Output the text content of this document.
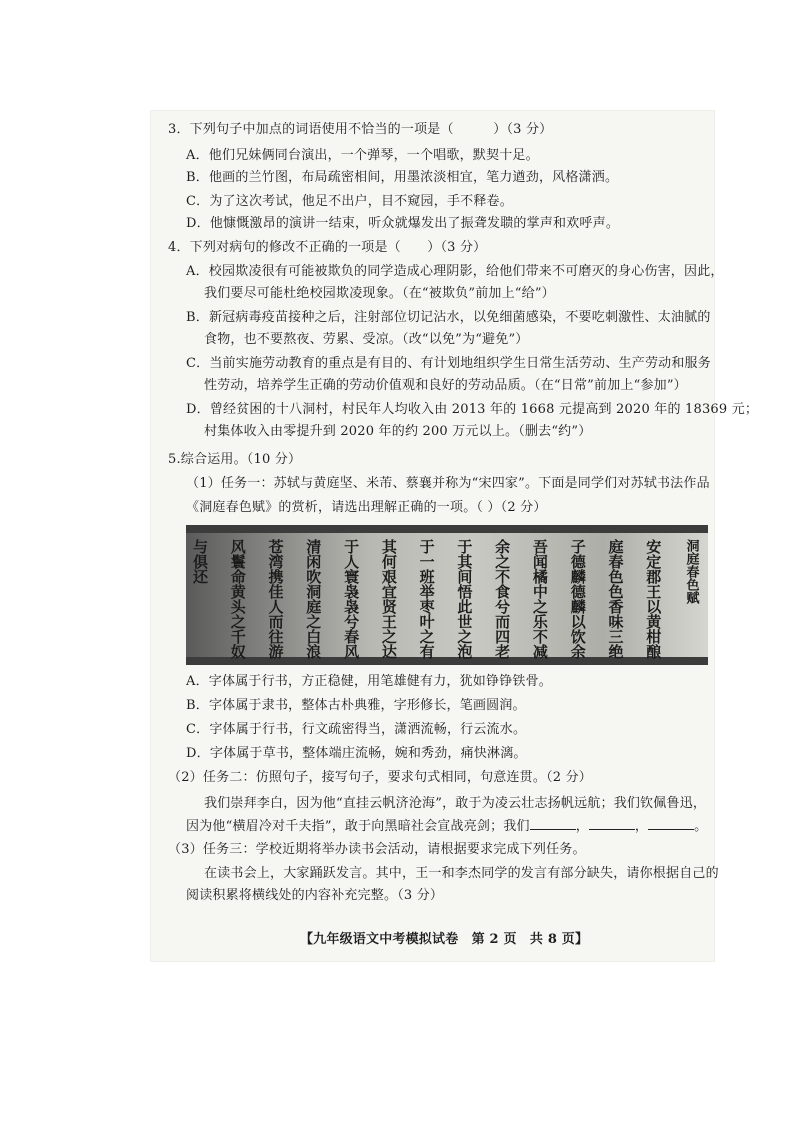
3．下列句子中加点的词语使用不恰当的一项是（　　　）（3 分）
A．他们兄妹俩同台演出，一个弹琴，一个唱歌，默契十足。
B．他画的兰竹图，布局疏密相间，用墨浓淡相宜，笔力遒劲，风格潇洒。
C．为了这次考试，他足不出户，目不窥园，手不释卷。
D．他慷慨激昂的演讲一结束，听众就爆发出了振聋发聩的掌声和欢呼声。
4．下列对病句的修改不正确的一项是（　　）（3 分）
A．校园欺凌很有可能被欺负的同学造成心理阴影，给他们带来不可磨灭的身心伤害，因此，
我们要尽可能杜绝校园欺凌现象。（在“被欺负”前加上“给”）
B．新冠病毒疫苗接种之后，注射部位切记沾水，以免细菌感染，不要吃刺激性、太油腻的
食物，也不要熬夜、劳累、受凉。（改“以免”为“避免”）
C．当前实施劳动教育的重点是有目的、有计划地组织学生日常生活劳动、生产劳动和服务
性劳动，培养学生正确的劳动价值观和良好的劳动品质。（在“日常”前加上“参加”）
D．曾经贫困的十八洞村，村民年人均收入由 2013 年的 1668 元提高到 2020 年的 18369 元；
村集体收入由零提升到 2020 年的约 200 万元以上。（删去“约”）
5.综合运用。（10 分）
（1）任务一：苏轼与黄庭坚、米芾、蔡襄并称为“宋四家”。下面是同学们对苏轼书法作品
《洞庭春色赋》的赏析，请选出理解正确的一项。（ ）（2 分）
洞庭春色赋
安定郡王以黄柑酿
庭春色色香味三绝
子德麟德麟以饮余
吾闻橘中之乐不减
余之不食兮而四老
于其间悟此世之泡
于一班举枣叶之有
其何艰宜贤王之达
于人寰袅袅兮春风
清闲吹洞庭之白浪
苍湾携佳人而往游
风鬟命黄头之千奴
与俱还
A．字体属于行书，方正稳健，用笔雄健有力，犹如铮铮铁骨。
B．字体属于隶书，整体古朴典雅，字形修长，笔画圆润。
C．字体属于行书，行文疏密得当，潇洒流畅，行云流水。
D．字体属于草书，整体端庄流畅，婉和秀劲，痛快淋漓。
（2）任务二：仿照句子，接写句子，要求句式相同，句意连贯。（2 分）
我们崇拜李白，因为他“直挂云帆济沧海”，敢于为凌云壮志扬帆远航；我们钦佩鲁迅，
因为他“横眉冷对千夫指”，敢于向黑暗社会宣战亮剑；我们	，	，	。
（3）任务三：学校近期将举办读书会活动，请根据要求完成下列任务。
在读书会上，大家踊跃发言。其中，王一和李杰同学的发言有部分缺失，请你根据自己的
阅读积累将横线处的内容补充完整。（3 分）
【九年级语文中考模拟试卷　第 2 页　共 8 页】
